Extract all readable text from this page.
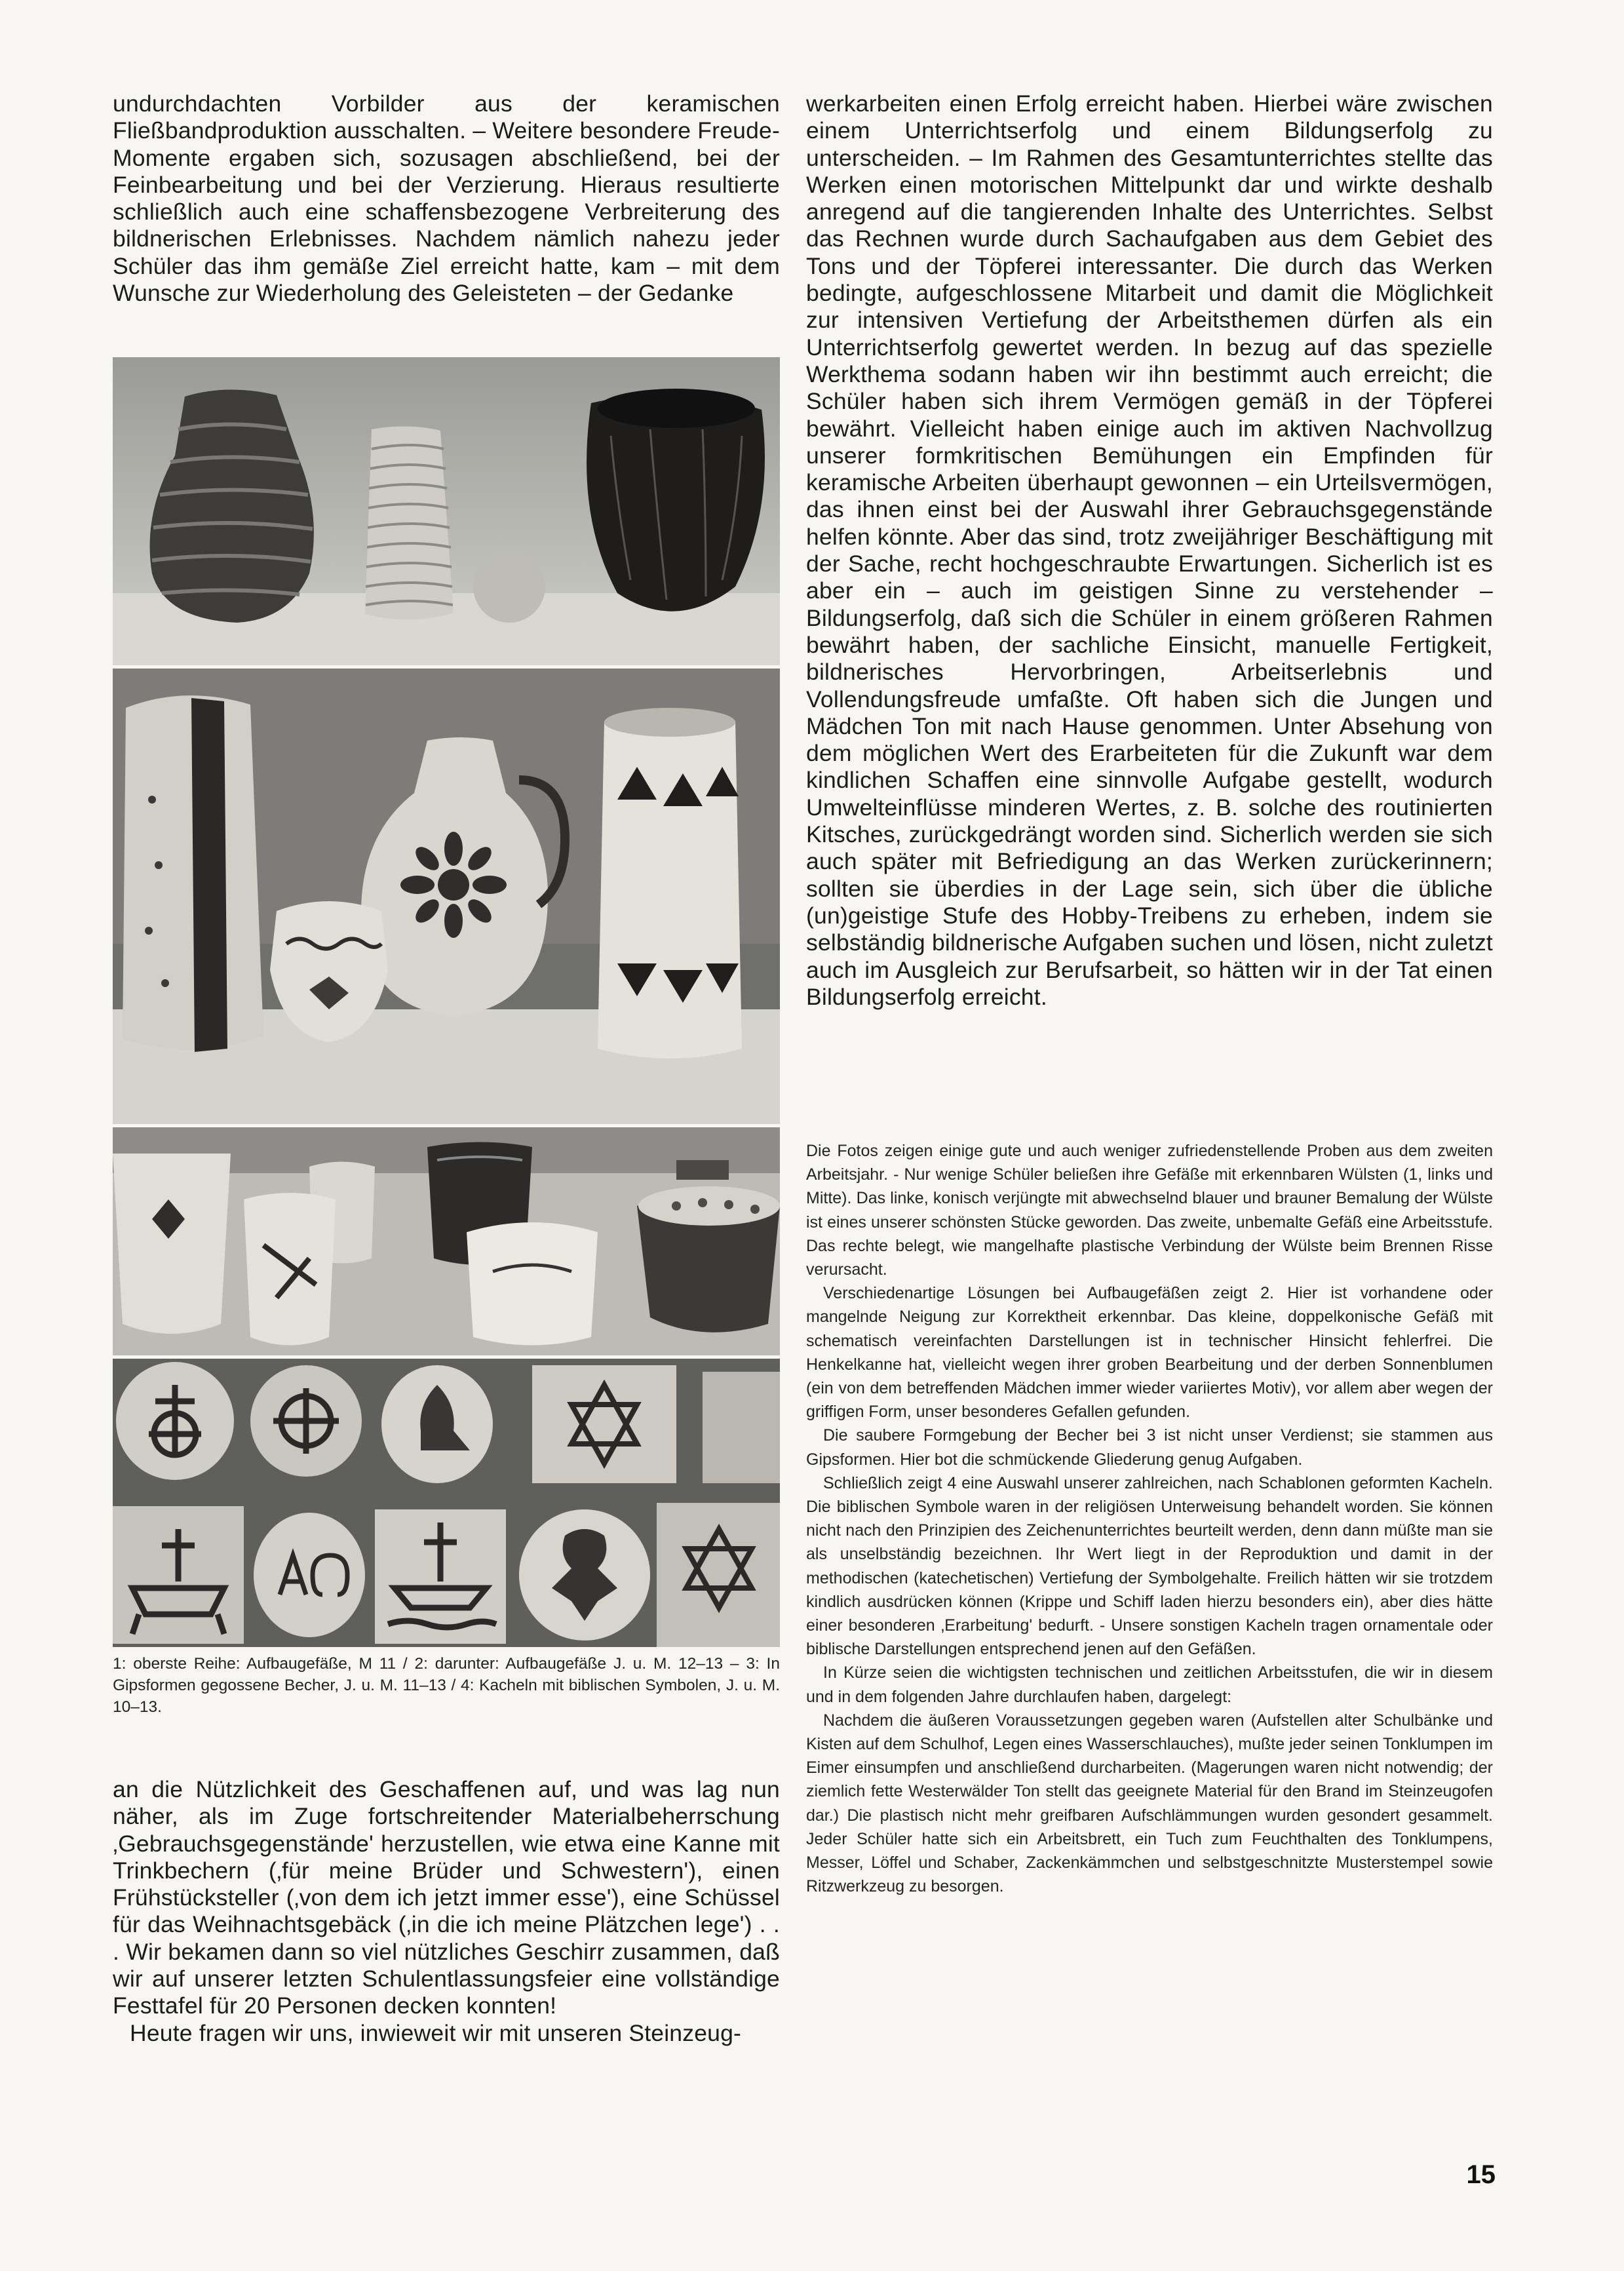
undurchdachten Vorbilder aus der keramischen Fließbandproduktion ausschalten. – Weitere besondere Freude-Momente ergaben sich, sozusagen abschließend, bei der Feinbearbeitung und bei der Verzierung. Hieraus resultierte schließlich auch eine schaffensbezogene Verbreiterung des bildnerischen Erlebnisses. Nachdem nämlich nahezu jeder Schüler das ihm gemäße Ziel erreicht hatte, kam – mit dem Wunsche zur Wiederholung des Geleisteten – der Gedanke

1: oberste Reihe: Aufbaugefäße, M 11 / 2: darunter: Aufbaugefäße J. u. M. 12–13 – 3: In Gipsformen gegossene Becher, J. u. M. 11–13 / 4: Kacheln mit biblischen Symbolen, J. u. M. 10–13.

an die Nützlichkeit des Geschaffenen auf, und was lag nun näher, als im Zuge fortschreitender Materialbeherrschung ‚Gebrauchsgegenstände' herzustellen, wie etwa eine Kanne mit Trinkbechern (‚für meine Brüder und Schwestern'), einen Frühstücksteller (‚von dem ich jetzt immer esse'), eine Schüssel für das Weihnachtsgebäck (‚in die ich meine Plätzchen lege') . . . Wir bekamen dann so viel nützliches Geschirr zusammen, daß wir auf unserer letzten Schulentlassungsfeier eine vollständige Festtafel für 20 Personen decken konnten!

Heute fragen wir uns, inwieweit wir mit unseren Steinzeug-

werkarbeiten einen Erfolg erreicht haben. Hierbei wäre zwischen einem Unterrichtserfolg und einem Bildungserfolg zu unterscheiden. – Im Rahmen des Gesamtunterrichtes stellte das Werken einen motorischen Mittelpunkt dar und wirkte deshalb anregend auf die tangierenden Inhalte des Unterrichtes. Selbst das Rechnen wurde durch Sachaufgaben aus dem Gebiet des Tons und der Töpferei interessanter. Die durch das Werken bedingte, aufgeschlossene Mitarbeit und damit die Möglichkeit zur intensiven Vertiefung der Arbeitsthemen dürfen als ein Unterrichtserfolg gewertet werden. In bezug auf das spezielle Werkthema sodann haben wir ihn bestimmt auch erreicht; die Schüler haben sich ihrem Vermögen gemäß in der Töpferei bewährt. Vielleicht haben einige auch im aktiven Nachvollzug unserer formkritischen Bemühungen ein Empfinden für keramische Arbeiten überhaupt gewonnen – ein Urteilsvermögen, das ihnen einst bei der Auswahl ihrer Gebrauchsgegenstände helfen könnte. Aber das sind, trotz zweijähriger Beschäftigung mit der Sache, recht hochgeschraubte Erwartungen. Sicherlich ist es aber ein – auch im geistigen Sinne zu verstehender – Bildungserfolg, daß sich die Schüler in einem größeren Rahmen bewährt haben, der sachliche Einsicht, manuelle Fertigkeit, bildnerisches Hervorbringen, Arbeitserlebnis und Vollendungsfreude umfaßte. Oft haben sich die Jungen und Mädchen Ton mit nach Hause genommen. Unter Absehung von dem möglichen Wert des Erarbeiteten für die Zukunft war dem kindlichen Schaffen eine sinnvolle Aufgabe gestellt, wodurch Umwelteinflüsse minderen Wertes, z. B. solche des routinierten Kitsches, zurückgedrängt worden sind. Sicherlich werden sie sich auch später mit Befriedigung an das Werken zurückerinnern; sollten sie überdies in der Lage sein, sich über die übliche (un)geistige Stufe des Hobby-Treibens zu erheben, indem sie selbständig bildnerische Aufgaben suchen und lösen, nicht zuletzt auch im Ausgleich zur Berufsarbeit, so hätten wir in der Tat einen Bildungserfolg erreicht.

Die Fotos zeigen einige gute und auch weniger zufriedenstellende Proben aus dem zweiten Arbeitsjahr. - Nur wenige Schüler beließen ihre Gefäße mit erkennbaren Wülsten (1, links und Mitte). Das linke, konisch verjüngte mit abwechselnd blauer und brauner Bemalung der Wülste ist eines unserer schönsten Stücke geworden. Das zweite, unbemalte Gefäß eine Arbeitsstufe. Das rechte belegt, wie mangelhafte plastische Verbindung der Wülste beim Brennen Risse verursacht.

Verschiedenartige Lösungen bei Aufbaugefäßen zeigt 2. Hier ist vorhandene oder mangelnde Neigung zur Korrektheit erkennbar. Das kleine, doppelkonische Gefäß mit schematisch vereinfachten Darstellungen ist in technischer Hinsicht fehlerfrei. Die Henkelkanne hat, vielleicht wegen ihrer groben Bearbeitung und der derben Sonnenblumen (ein von dem betreffenden Mädchen immer wieder variiertes Motiv), vor allem aber wegen der griffigen Form, unser besonderes Gefallen gefunden.

Die saubere Formgebung der Becher bei 3 ist nicht unser Verdienst; sie stammen aus Gipsformen. Hier bot die schmückende Gliederung genug Aufgaben.

Schließlich zeigt 4 eine Auswahl unserer zahlreichen, nach Schablonen geformten Kacheln. Die biblischen Symbole waren in der religiösen Unterweisung behandelt worden. Sie können nicht nach den Prinzipien des Zeichenunterrichtes beurteilt werden, denn dann müßte man sie als unselbständig bezeichnen. Ihr Wert liegt in der Reproduktion und damit in der methodischen (katechetischen) Vertiefung der Symbolgehalte. Freilich hätten wir sie trotzdem kindlich ausdrücken können (Krippe und Schiff laden hierzu besonders ein), aber dies hätte einer besonderen ‚Erarbeitung' bedurft. - Unsere sonstigen Kacheln tragen ornamentale oder biblische Darstellungen entsprechend jenen auf den Gefäßen.

In Kürze seien die wichtigsten technischen und zeitlichen Arbeitsstufen, die wir in diesem und in dem folgenden Jahre durchlaufen haben, dargelegt:

Nachdem die äußeren Voraussetzungen gegeben waren (Aufstellen alter Schulbänke und Kisten auf dem Schulhof, Legen eines Wasserschlauches), mußte jeder seinen Tonklumpen im Eimer einsumpfen und anschließend durcharbeiten. (Magerungen waren nicht notwendig; der ziemlich fette Westerwälder Ton stellt das geeignete Material für den Brand im Steinzeugofen dar.) Die plastisch nicht mehr greifbaren Aufschlämmungen wurden gesondert gesammelt. Jeder Schüler hatte sich ein Arbeitsbrett, ein Tuch zum Feuchthalten des Tonklumpens, Messer, Löffel und Schaber, Zackenkämmchen und selbstgeschnitzte Musterstempel sowie Ritzwerkzeug zu besorgen.

15
